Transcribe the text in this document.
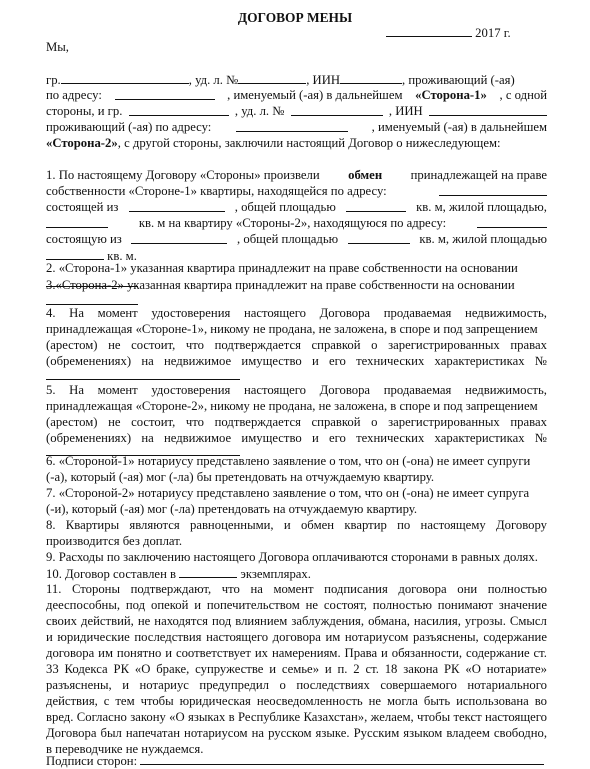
ДОГОВОР МЕНЫ
2017 г.
Мы,
гр.	, уд. л. №	, ИИН	, проживающий (-ая)
по адресу:	, именуемый (-ая) в дальнейшем «Сторона-1» , с одной
стороны, и гр.	, уд. л. №	, ИИН
проживающий (-ая) по адресу:	, именуемый (-ая) в дальнейшем
«Сторона-2», с другой стороны, заключили настоящий Договор о нижеследующем:
1. По настоящему Договору «Стороны» произвели обмен принадлежащей на праве
собственности «Стороне-1» квартиры, находящейся по адресу:
состоящей из	, общей площадью	кв. м, жилой площадью,
кв. м на квартиру «Стороны-2», находящуюся по адресу:
состоящую из	, общей площадью	кв. м, жилой площадью
кв. м.
2. «Сторона-1» указанная квартира принадлежит на праве собственности на основании
3.«Сторона-2» указанная квартира принадлежит на праве собственности на основании
4. На момент удостоверения настоящего Договора продаваемая недвижимость,
принадлежащая «Стороне-1», никому не продана, не заложена, в споре и под запрещением
(арестом) не состоит, что подтверждается справкой о зарегистрированных правах
(обременениях) на недвижимое имущество и его технических характеристиках №
5. На момент удостоверения настоящего Договора продаваемая недвижимость,
принадлежащая «Стороне-2», никому не продана, не заложена, в споре и под запрещением
(арестом) не состоит, что подтверждается справкой о зарегистрированных правах
(обременениях) на недвижимое имущество и его технических характеристиках №
6. «Стороной-1» нотариусу представлено заявление о том, что он (-она) не имеет супруги
(-а), который (-ая) мог (-ла) бы претендовать на отчуждаемую квартиру.
7. «Стороной-2» нотариусу представлено заявление о том, что он (-она) не имеет супруга
(-и), который (-ая) мог (-ла) претендовать на отчуждаемую квартиру.
8. Квартиры являются равноценными, и обмен квартир по настоящему Договору
производится без доплат.
9. Расходы по заключению настоящего Договора оплачиваются сторонами в равных долях.
10. Договор составлен в	экземплярах.
11. Стороны подтверждают, что на момент подписания договора они полностью
дееспособны, под опекой и попечительством не состоят, полностью понимают значение
своих действий, не находятся под влиянием заблуждения, обмана, насилия, угрозы. Смысл
и юридические последствия настоящего договора им нотариусом разъяснены, содержание
договора им понятно и соответствует их намерениям. Права и обязанности, содержание ст.
33 Кодекса РК «О браке, супружестве и семье» и п. 2 ст. 18 закона РК «О нотариате»
разъяснены, и нотариус предупредил о последствиях совершаемого нотариального
действия, с тем чтобы юридическая неосведомленность не могла быть использована во
вред. Согласно закону «О языках в Республике Казахстан», желаем, чтобы текст настоящего
Договора был напечатан нотариусом на русском языке. Русским языком владеем свободно,
в переводчике не нуждаемся.
Подписи сторон:
